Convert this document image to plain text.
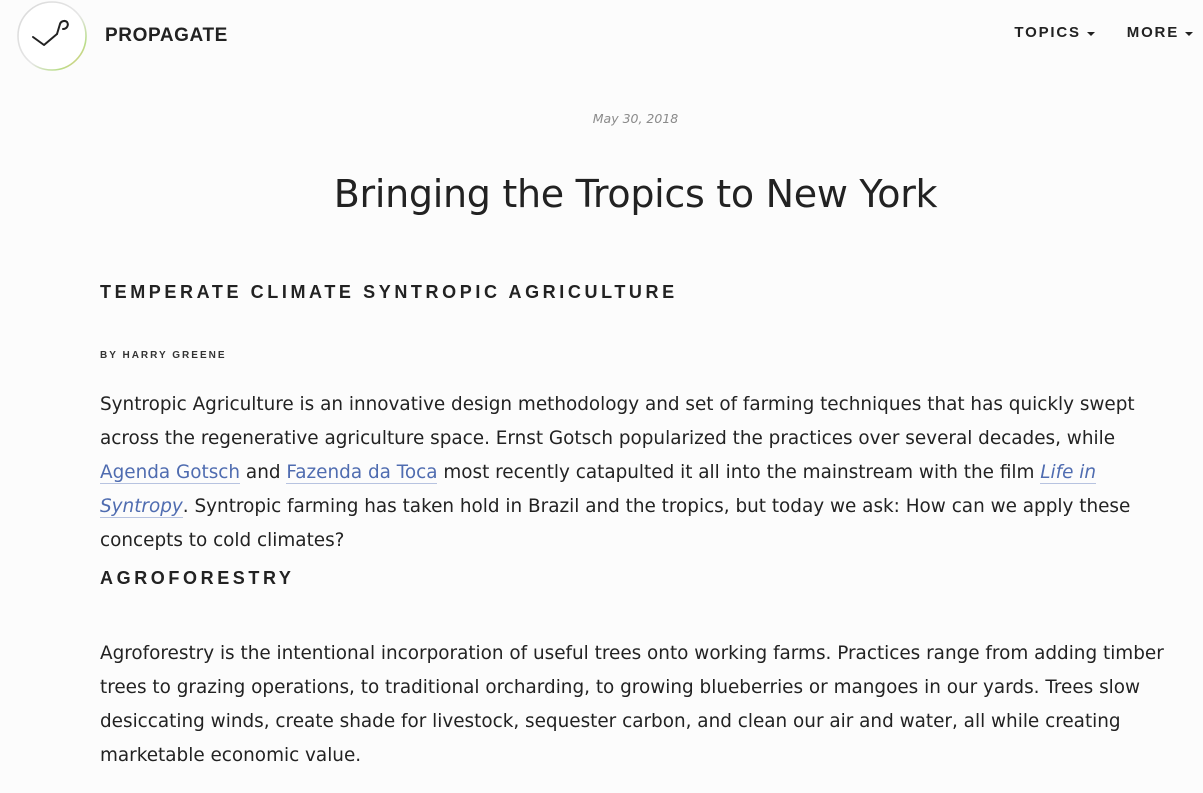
PROPAGATE	TOPICS	MORE
May 30, 2018
Bringing the Tropics to New York
TEMPERATE CLIMATE SYNTROPIC AGRICULTURE
BY HARRY GREENE

Syntropic Agriculture is an innovative design methodology and set of farming techniques that has quickly swept across the regenerative agriculture space. Ernst Gotsch popularized the practices over several decades, while Agenda Gotsch and Fazenda da Toca most recently catapulted it all into the mainstream with the film Life in Syntropy. Syntropic farming has taken hold in Brazil and the tropics, but today we ask: How can we apply these concepts to cold climates?

AGROFORESTRY

Agroforestry is the intentional incorporation of useful trees onto working farms. Practices range from adding timber trees to grazing operations, to traditional orcharding, to growing blueberries or mangoes in our yards. Trees slow desiccating winds, create shade for livestock, sequester carbon, and clean our air and water, all while creating marketable economic value.
